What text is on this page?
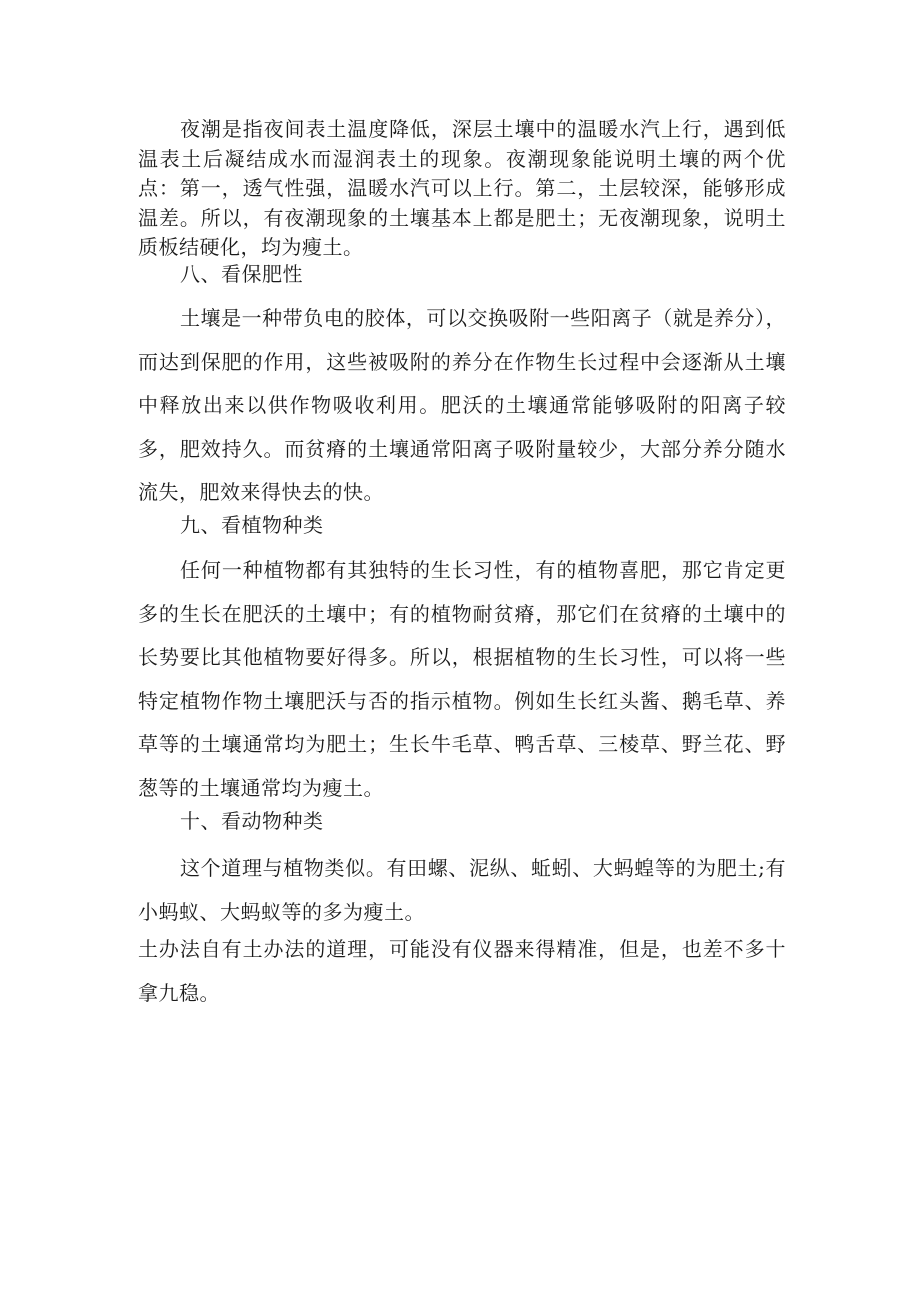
夜潮是指夜间表土温度降低，深层土壤中的温暖水汽上行，遇到低温表土后凝结成水而湿润表土的现象。夜潮现象能说明土壤的两个优点：第一，透气性强，温暖水汽可以上行。第二，土层较深，能够形成温差。所以，有夜潮现象的土壤基本上都是肥土；无夜潮现象，说明土质板结硬化，均为瘦土。

八、看保肥性

土壤是一种带负电的胶体，可以交换吸附一些阳离子（就是养分），而达到保肥的作用，这些被吸附的养分在作物生长过程中会逐渐从土壤中释放出来以供作物吸收利用。肥沃的土壤通常能够吸附的阳离子较多，肥效持久。而贫瘠的土壤通常阳离子吸附量较少，大部分养分随水流失，肥效来得快去的快。

九、看植物种类

任何一种植物都有其独特的生长习性，有的植物喜肥，那它肯定更多的生长在肥沃的土壤中；有的植物耐贫瘠，那它们在贫瘠的土壤中的长势要比其他植物要好得多。所以，根据植物的生长习性，可以将一些特定植物作物土壤肥沃与否的指示植物。例如生长红头酱、鹅毛草、养草等的土壤通常均为肥土；生长牛毛草、鸭舌草、三棱草、野兰花、野葱等的土壤通常均为瘦土。

十、看动物种类

这个道理与植物类似。有田螺、泥纵、蚯蚓、大蚂蝗等的为肥土;有小蚂蚁、大蚂蚁等的多为瘦土。

土办法自有土办法的道理，可能没有仪器来得精准，但是，也差不多十拿九稳。
